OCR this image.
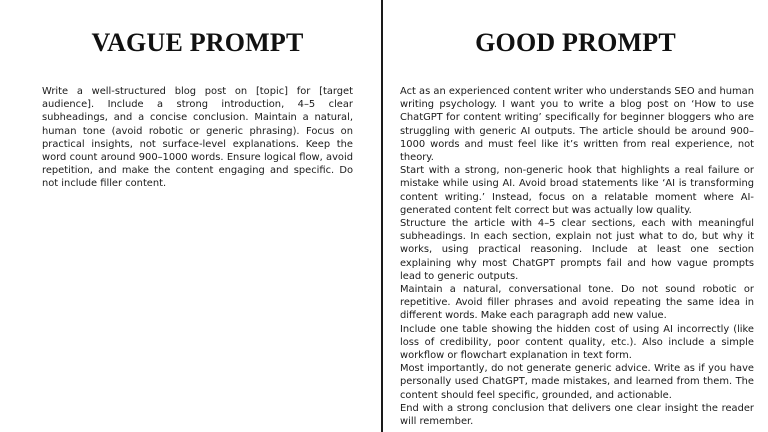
VAGUE PROMPT

Write a well-structured blog post on [topic] for [target audience]. Include a strong introduction, 4–5 clear subheadings, and a concise conclusion. Maintain a natural, human tone (avoid robotic or generic phrasing). Focus on practical insights, not surface-level explanations. Keep the word count around 900–1000 words. Ensure logical flow, avoid repetition, and make the content engaging and specific. Do not include filler content.

GOOD PROMPT

Act as an experienced content writer who understands SEO and human writing psychology. I want you to write a blog post on ‘How to use ChatGPT for content writing’ specifically for beginner bloggers who are struggling with generic AI outputs. The article should be around 900–1000 words and must feel like it’s written from real experience, not theory.

Start with a strong, non-generic hook that highlights a real failure or mistake while using AI. Avoid broad statements like ‘AI is transforming content writing.’ Instead, focus on a relatable moment where AI-generated content felt correct but was actually low quality.

Structure the article with 4–5 clear sections, each with meaningful subheadings. In each section, explain not just what to do, but why it works, using practical reasoning. Include at least one section explaining why most ChatGPT prompts fail and how vague prompts lead to generic outputs.

Maintain a natural, conversational tone. Do not sound robotic or repetitive. Avoid filler phrases and avoid repeating the same idea in different words. Make each paragraph add new value.

Include one table showing the hidden cost of using AI incorrectly (like loss of credibility, poor content quality, etc.). Also include a simple workflow or flowchart explanation in text form.

Most importantly, do not generate generic advice. Write as if you have personally used ChatGPT, made mistakes, and learned from them. The content should feel specific, grounded, and actionable.

End with a strong conclusion that delivers one clear insight the reader will remember.
